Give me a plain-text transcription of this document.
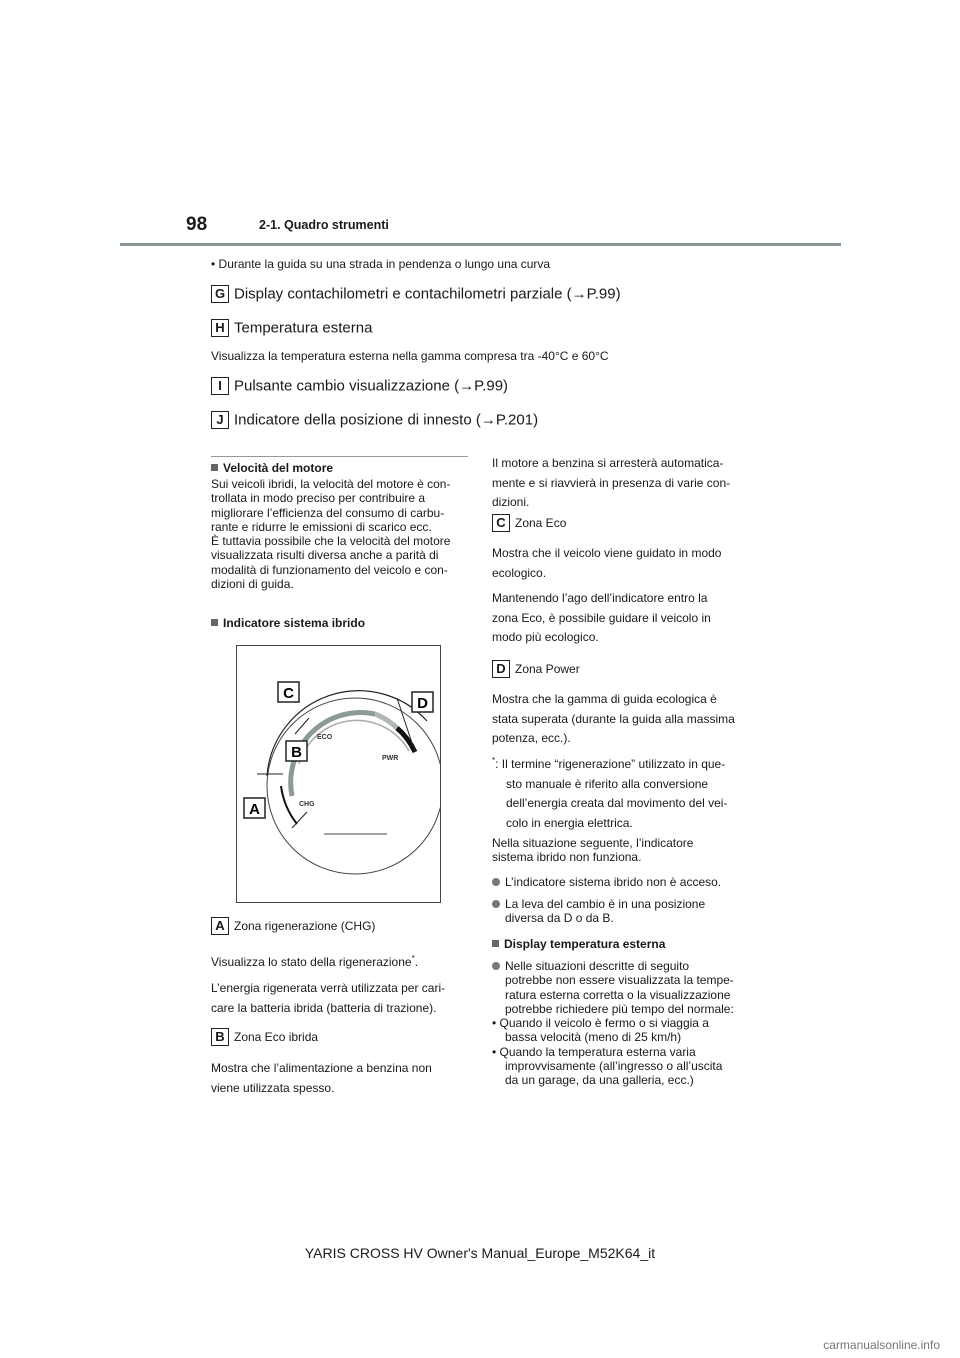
98	2-1. Quadro strumenti
• Durante la guida su una strada in pendenza o lungo una curva
G Display contachilometri e contachilometri parziale (→P.99)
H Temperatura esterna
Visualizza la temperatura esterna nella gamma compresa tra -40°C e 60°C
I Pulsante cambio visualizzazione (→P.99)
J Indicatore della posizione di innesto (→P.201)
Velocità del motore
Sui veicoli ibridi, la velocità del motore è con-
trollata in modo preciso per contribuire a
migliorare l’efficienza del consumo di carbu-
rante e ridurre le emissioni di scarico ecc.
È tuttavia possibile che la velocità del motore
visualizzata risulti diversa anche a parità di
modalità di funzionamento del veicolo e con-
dizioni di guida.
Indicatore sistema ibrido
ECO
PWR
CHG
C
D
B
A
A Zona rigenerazione (CHG)
Visualizza lo stato della rigenerazione*.
L’energia rigenerata verrà utilizzata per cari-
care la batteria ibrida (batteria di trazione).
B Zona Eco ibrida
Mostra che l’alimentazione a benzina non
viene utilizzata spesso.
Il motore a benzina si arresterà automatica-
mente e si riavvierà in presenza di varie con-
dizioni.
C Zona Eco
Mostra che il veicolo viene guidato in modo
ecologico.
Mantenendo l’ago dell’indicatore entro la
zona Eco, è possibile guidare il veicolo in
modo più ecologico.
D Zona Power
Mostra che la gamma di guida ecologica è
stata superata (durante la guida alla massima
potenza, ecc.).
*: Il termine “rigenerazione” utilizzato in que-
sto manuale è riferito alla conversione
dell’energia creata dal movimento del vei-
colo in energia elettrica.
Nella situazione seguente, l’indicatore
sistema ibrido non funziona.
L’indicatore sistema ibrido non è acceso.
La leva del cambio è in una posizione
diversa da D o da B.
Display temperatura esterna
Nelle situazioni descritte di seguito
potrebbe non essere visualizzata la tempe-
ratura esterna corretta o la visualizzazione
potrebbe richiedere più tempo del normale:
• Quando il veicolo è fermo o si viaggia a
bassa velocità (meno di 25 km/h)
• Quando la temperatura esterna varia
improvvisamente (all’ingresso o all’uscita
da un garage, da una galleria, ecc.)
YARIS CROSS HV Owner's Manual_Europe_M52K64_it
carmanualsonline.info
